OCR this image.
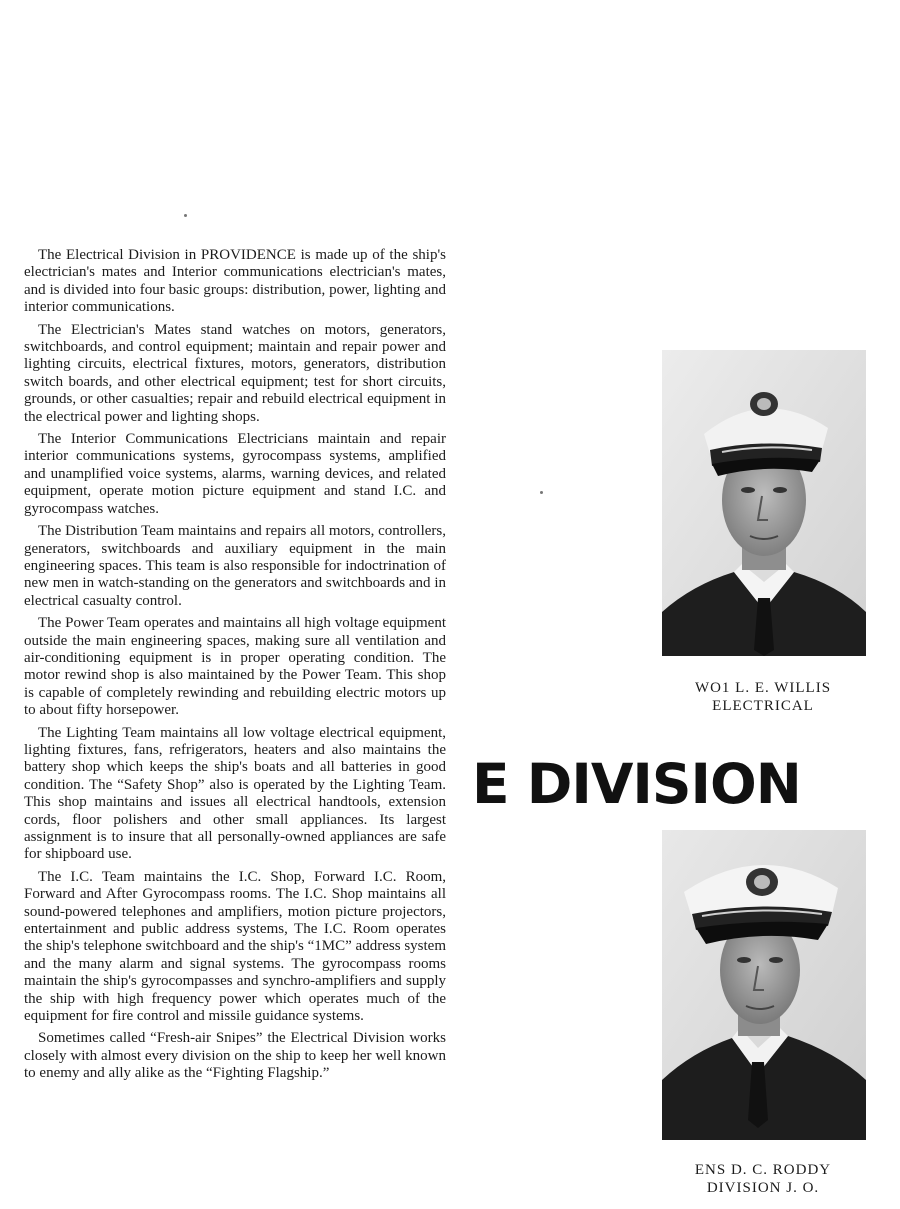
The Electrical Division in PROVIDENCE is made up of the ship's electrician's mates and Interior communications electrician's mates, and is divided into four basic groups: distribution, power, lighting and interior communications.

The Electrician's Mates stand watches on motors, generators, switchboards, and control equipment; maintain and repair power and lighting circuits, electrical fixtures, motors, generators, distribution switch boards, and other electrical equipment; test for short circuits, grounds, or other casualties; repair and rebuild electrical equipment in the electrical power and lighting shops.

The Interior Communications Electricians maintain and repair interior communications systems, gyrocompass systems, amplified and unamplified voice systems, alarms, warning devices, and related equipment, operate motion picture equipment and stand I.C. and gyrocompass watches.

The Distribution Team maintains and repairs all motors, controllers, generators, switchboards and auxiliary equipment in the main engineering spaces. This team is also responsible for indoctrination of new men in watch-standing on the generators and switchboards and in electrical casualty control.

The Power Team operates and maintains all high voltage equipment outside the main engineering spaces, making sure all ventilation and air-conditioning equipment is in proper operating condition. The motor rewind shop is also maintained by the Power Team. This shop is capable of completely rewinding and rebuilding electric motors up to about fifty horsepower.

The Lighting Team maintains all low voltage electrical equipment, lighting fixtures, fans, refrigerators, heaters and also maintains the battery shop which keeps the ship's boats and all batteries in good condition. The “Safety Shop” also is operated by the Lighting Team. This shop maintains and issues all electrical handtools, extension cords, floor polishers and other small appliances. Its largest assignment is to insure that all personally-owned appliances are safe for shipboard use.

The I.C. Team maintains the I.C. Shop, Forward I.C. Room, Forward and After Gyrocompass rooms. The I.C. Shop maintains all sound-powered telephones and amplifiers, motion picture projectors, entertainment and public address systems, The I.C. Room operates the ship's telephone switchboard and the ship's “1MC” address system and the many alarm and signal systems. The gyrocompass rooms maintain the ship's gyrocompasses and synchro-amplifiers and supply the ship with high frequency power which operates much of the equipment for fire control and missile guidance systems.

Sometimes called “Fresh-air Snipes” the Electrical Division works closely with almost every division on the ship to keep her well known to enemy and ally alike as the “Fighting Flagship.”

WO1 L. E. WILLIS
ELECTRICAL
E DIVISION
ENS D. C. RODDY
DIVISION J. O.
